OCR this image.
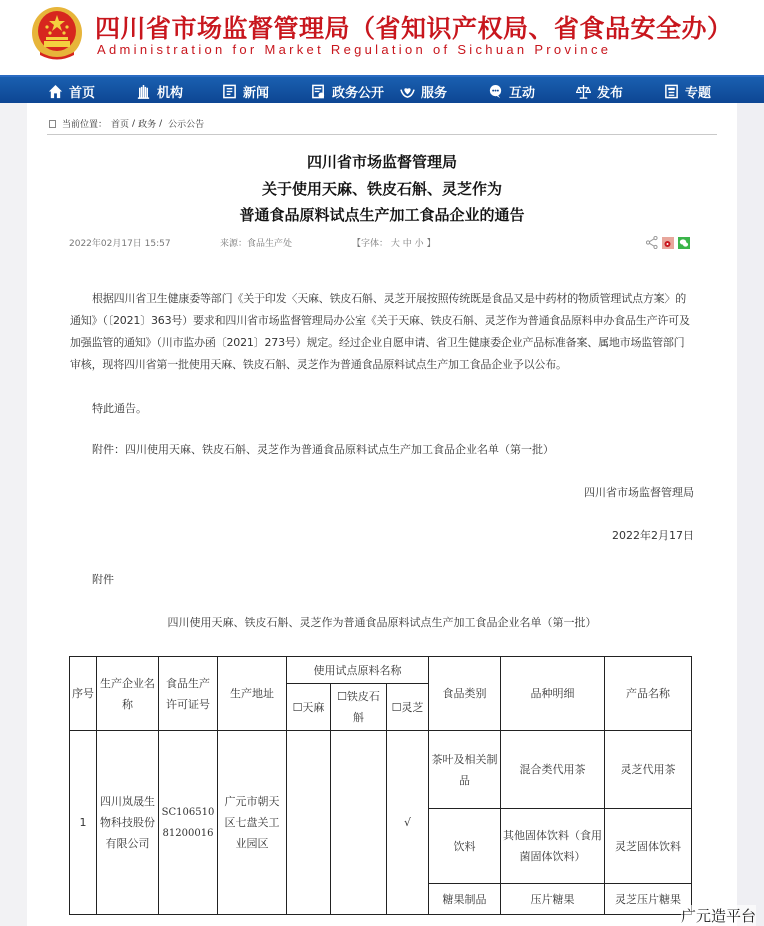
四川省市场监督管理局（省知识产权局、省食品安全办）
Administration for Market Regulation of Sichuan Province
首页	机构	新闻	政务公开	服务	互动	发布	专题
当前位置： 首页 / 政务 / 公示公告
四川省市场监督管理局
关于使用天麻、铁皮石斛、灵芝作为
普通食品原料试点生产加工食品企业的通告
2022年02月17日 15:57	来源：食品生产处	【字体： 大 中 小 】

根据四川省卫生健康委等部门《关于印发〈天麻、铁皮石斛、灵芝开展按照传统既是食品又是中药材的物质管理试点方案〉的通知》（〔2021〕363号）要求和四川省市场监督管理局办公室《关于天麻、铁皮石斛、灵芝作为普通食品原料申办食品生产许可及加强监管的通知》（川市监办函〔2021〕273号）规定。经过企业自愿申请、省卫生健康委企业产品标准备案、属地市场监管部门审核，现将四川省第一批使用天麻、铁皮石斛、灵芝作为普通食品原料试点生产加工食品企业予以公布。

特此通告。
附件：四川使用天麻、铁皮石斛、灵芝作为普通食品原料试点生产加工食品企业名单（第一批）
四川省市场监督管理局
2022年2月17日
附件
四川使用天麻、铁皮石斛、灵芝作为普通食品原料试点生产加工食品企业名单（第一批）
序号	生产企业名称	食品生产许可证号	生产地址	使用试点原料名称			食品类别	品种明细	产品名称
				☐天麻	☐铁皮石斛	☐灵芝			
1	四川岚晟生物科技股份有限公司	SC10651081200016	广元市朝天区七盘关工业园区			√	茶叶及相关制品	混合类代用茶	灵芝代用茶
							饮料	其他固体饮料（食用菌固体饮料）	灵芝固体饮料
							糖果制品	压片糖果	灵芝压片糖果
广元造平台
